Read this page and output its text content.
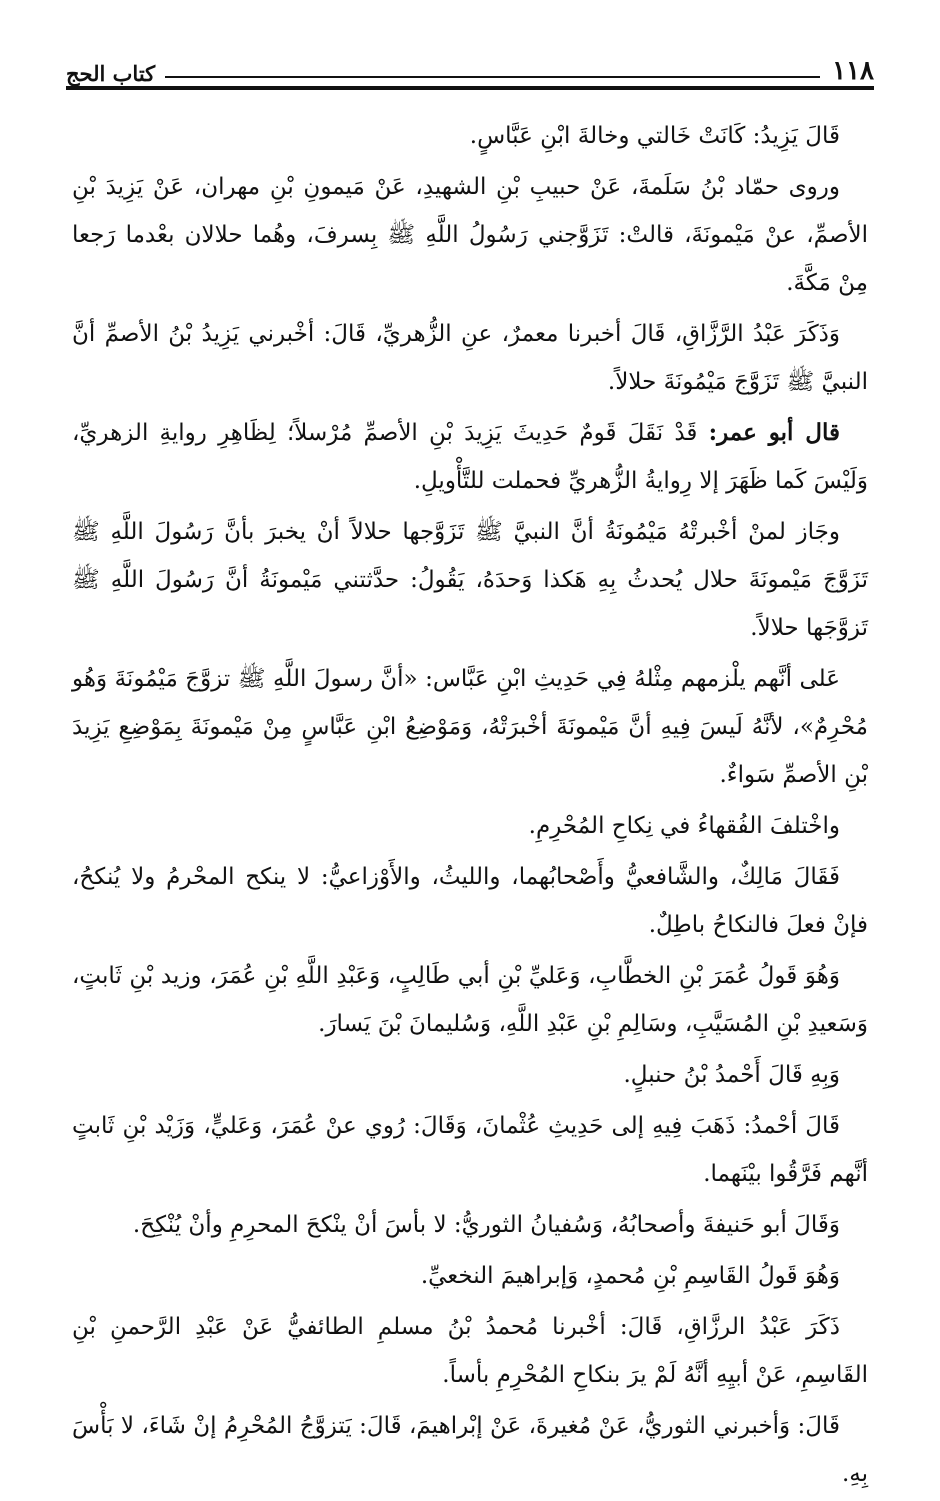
١١٨
كتاب الحج

قَالَ يَزِيدُ: كَانَتْ خَالتي وخالةَ ابْنِ عَبَّاسٍ.

وروى حمّاد بْنُ سَلَمةَ، عَنْ حبيبِ بْنِ الشهيدِ، عَنْ مَيمونِ بْنِ مهران، عَنْ يَزِيدَ بْنِ الأصمِّ، عنْ مَيْمونَةَ، قالتْ: تَزَوَّجني رَسُولُ اللَّهِ ﷺ بِسرفَ، وهُما حلالان بعْدما رَجعا مِنْ مَكَّةَ.

وَذَكَرَ عَبْدُ الرَّزَّاقِ، قَالَ أخبرنا معمرٌ، عنِ الزُّهريِّ، قَالَ: أخْبرني يَزِيدُ بْنُ الأصمِّ أنَّ النبيَّ ﷺ تَزَوَّجَ مَيْمُونَةَ حلالاً.

قال أبو عمر: قَدْ نَقَلَ قَومٌ حَدِيثَ يَزِيدَ بْنِ الأصمِّ مُرْسلاً؛ لِظَاهِرِ روايةِ الزهريِّ، وَلَيْسَ كَما ظَهَرَ إلا رِوايةُ الزُّهريِّ فحملت للتَّأْويلِ.

وجَاز لمنْ أخْبرتْهُ مَيْمُونَةُ أنَّ النبيَّ ﷺ تَزَوَّجها حلالاً أنْ يخبرَ بأنَّ رَسُولَ اللَّهِ ﷺ تَزَوَّجَ مَيْمونَةَ حلال يُحدثُ بِهِ هَكذا وَحدَهُ، يَقُولُ: حدَّثتني مَيْمونَةُ أنَّ رَسُولَ اللَّهِ ﷺ تَزوَّجَها حلالاً.

عَلى أنَّهم يلْزمهم مِثْلهُ فِي حَدِيثِ ابْنِ عَبَّاس: «أنَّ رسولَ اللَّهِ ﷺ تزوَّجَ مَيْمُونَةَ وَهُو مُحْرِمٌ»، لأنَّهُ لَيسَ فِيهِ أنَّ مَيْمونَةَ أخْبرَتْهُ، وَمَوْضِعُ ابْنِ عَبَّاسٍ مِنْ مَيْمونَةَ بِمَوْضِعِ يَزِيدَ بْنِ الأصمِّ سَواءٌ.

واخْتلفَ الفُقهاءُ في نِكاحِ المُحْرِمِ.

فَقَالَ مَالِكٌ، والشَّافعيُّ وأَصْحابُهما، والليثُ، والأَوْزاعيُّ: لا ينكح المحْرمُ ولا يُنكحُ، فإنْ فعلَ فالنكاحُ باطِلٌ.

وَهُوَ قَولُ عُمَرَ بْنِ الخطَّابِ، وَعَليِّ بْنِ أبي طَالِبٍ، وَعَبْدِ اللَّهِ بْنِ عُمَرَ، وزيد بْنِ ثَابتٍ، وَسَعيدِ بْنِ المُسَيَّبِ، وسَالِمِ بْنِ عَبْدِ اللَّهِ، وَسُليمانَ بْنَ يَسارَ.

وَبِهِ قَالَ أَحْمدُ بْنُ حنبلٍ.

قَالَ أحْمدُ: ذَهَبَ فِيهِ إلى حَدِيثِ عُثْمانَ، وَقَالَ: رُوي عنْ عُمَرَ، وَعَليٍّ، وَزَيْد بْنِ ثَابتٍ أنَّهم فَرَّقُوا بيْنَهما.

وَقَالَ أبو حَنيفةَ وأصحابُهُ، وَسُفيانُ الثوريُّ: لا بأسَ أنْ ينْكحَ المحرِمِ وأنْ يُنْكِحَ.

وَهُوَ قَولُ القَاسِمِ بْنِ مُحمدٍ، وَإبراهيمَ النخعيِّ.

ذَكَرَ عَبْدُ الرزَّاقِ، قَالَ: أخْبرنا مُحمدُ بْنُ مسلمِ الطائفيُّ عَنْ عَبْدِ الرَّحمنِ بْنِ القَاسِمِ، عَنْ أبيِهِ أنَّهُ لَمْ يرَ بنكاحِ المُحْرِمِ بأساً.

قَالَ: وَأخبرني الثوريُّ، عَنْ مُغيرةَ، عَنْ إبْراهيمَ، قَالَ: يَتزوَّجُ المُحْرِمُ إنْ شَاءَ، لا بَأْسَ بِهِ.
